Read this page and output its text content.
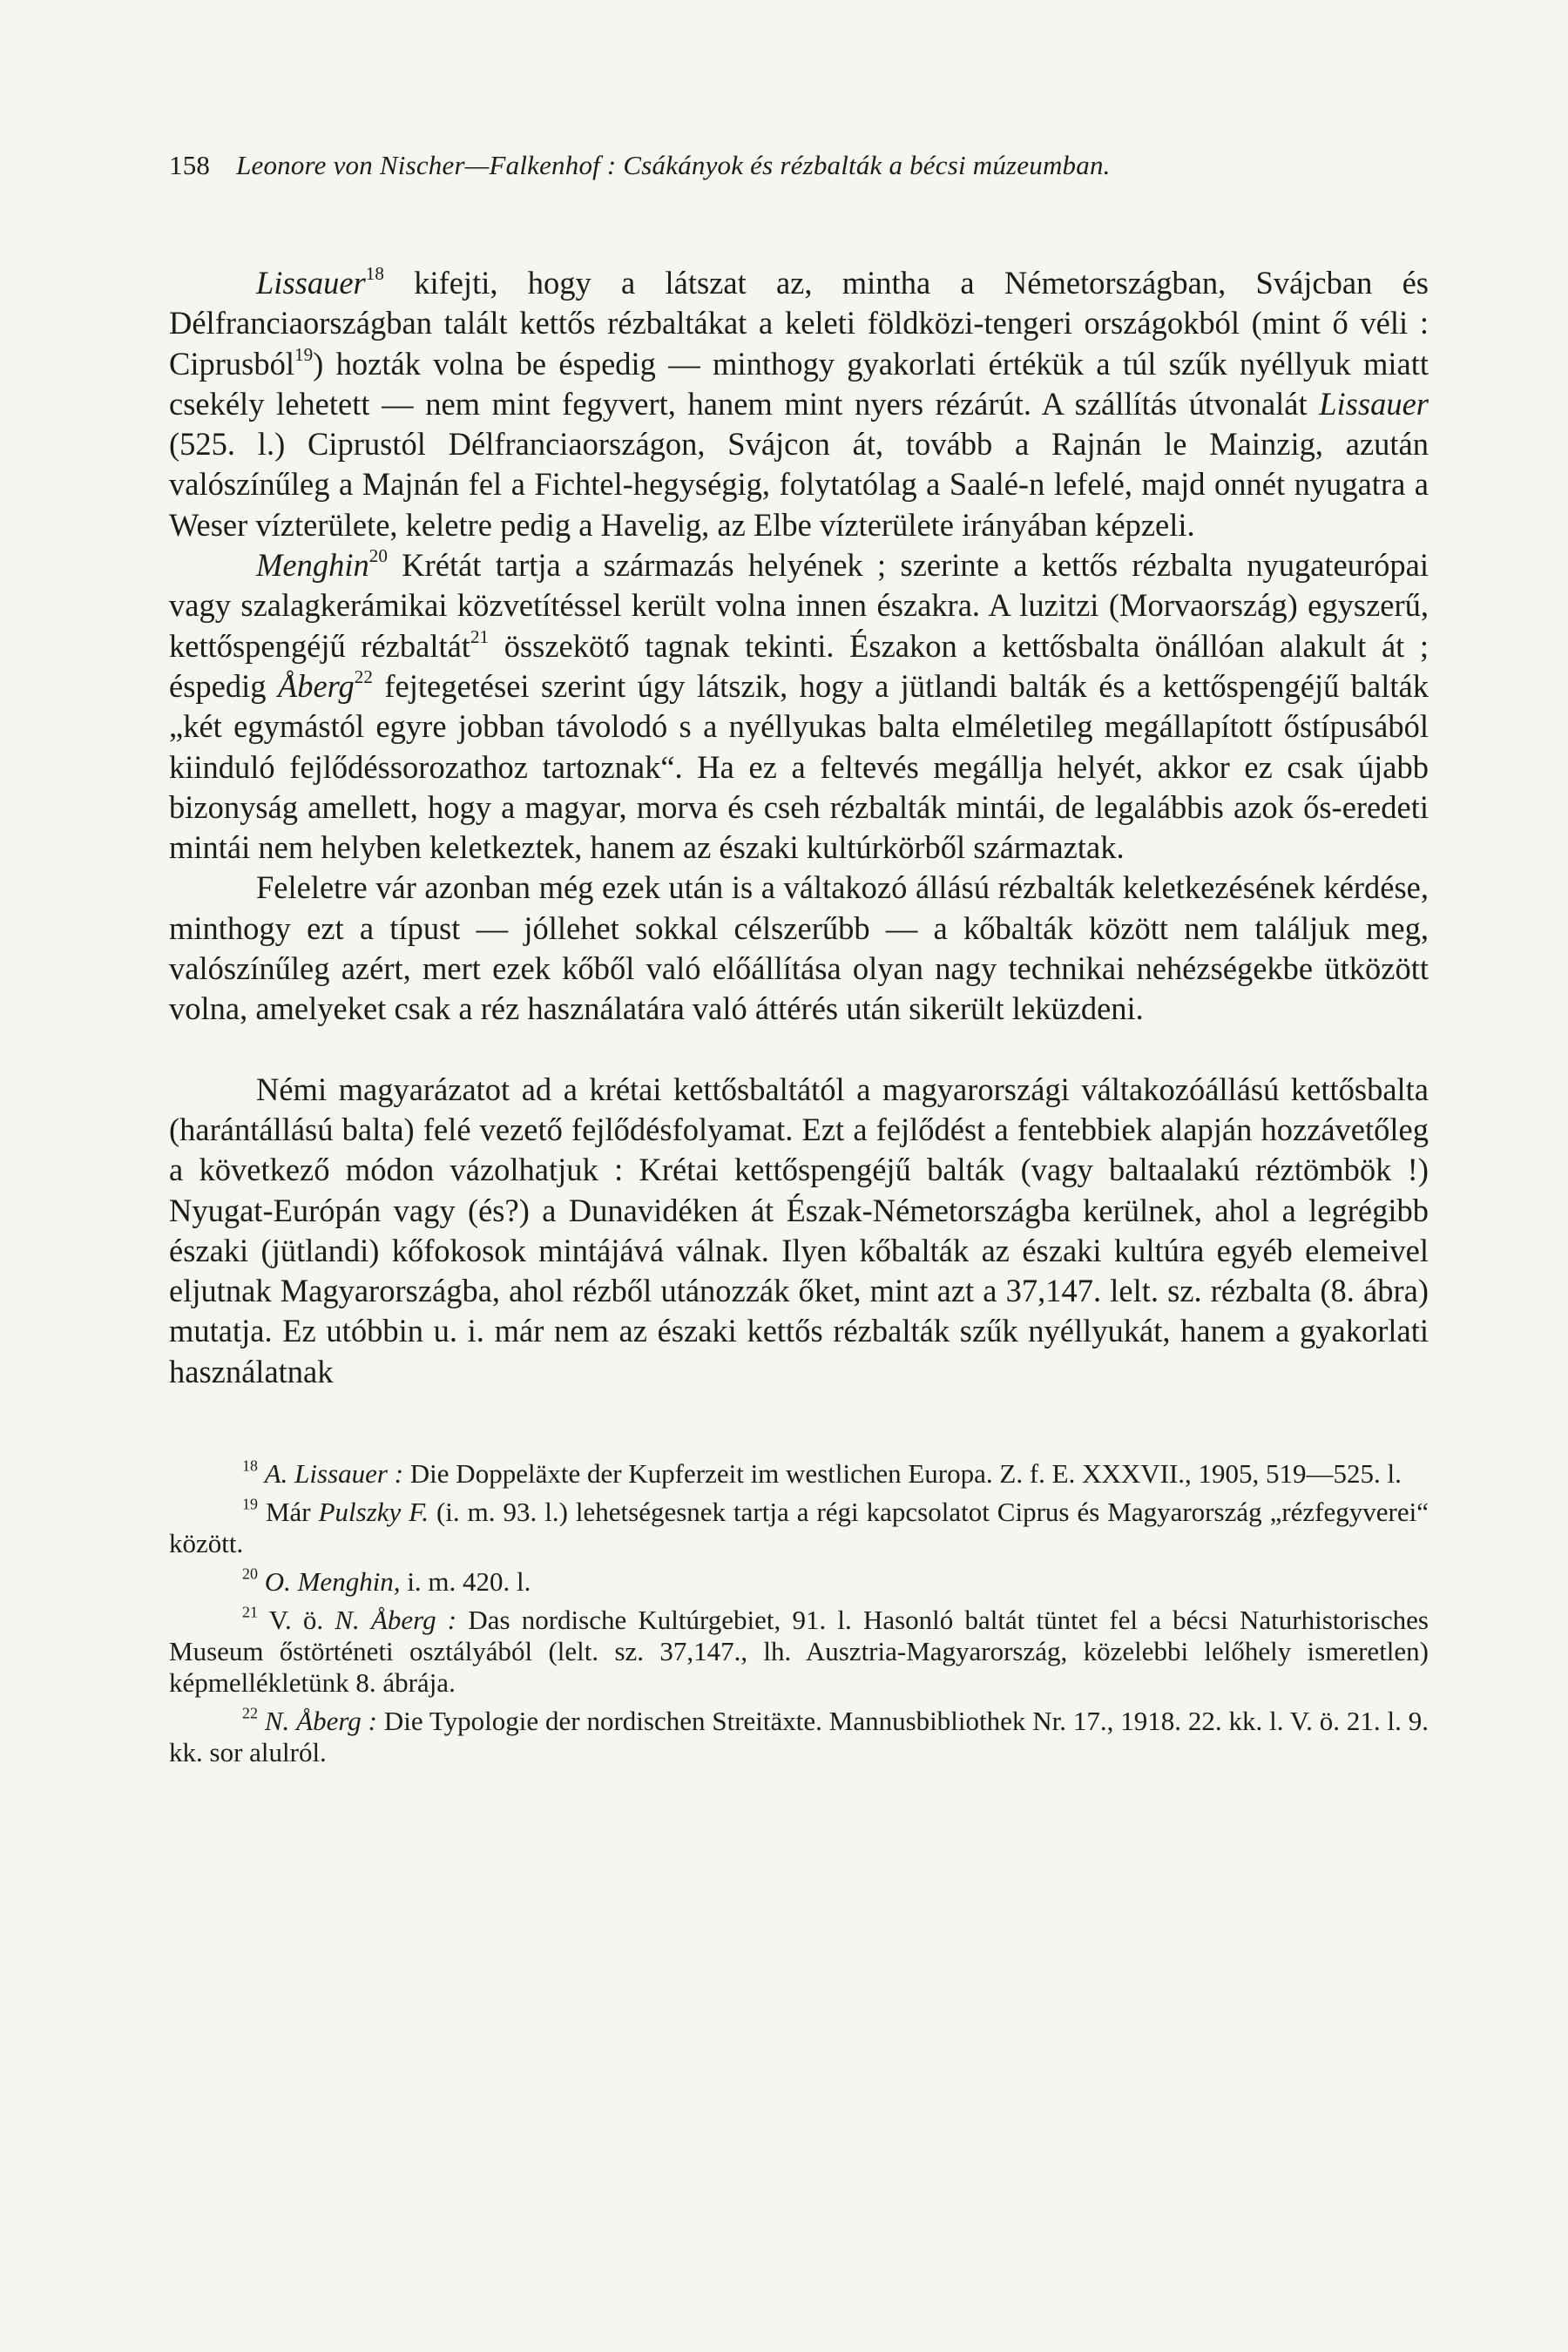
158 Leonore von Nischer—Falkenhof : Csákányok és rézbalták a bécsi múzeumban.

Lissauer$^{18}$ kifejti, hogy a látszat az, mintha a Németországban, Svájcban és Délfranciaországban talált kettős rézbaltákat a keleti földközi-tengeri országokból (mint ő véli : Ciprusból$^{19}$) hozták volna be éspedig — minthogy gyakorlati értékük a túl szűk nyéllyuk miatt csekély lehetett — nem mint fegyvert, hanem mint nyers rézárút. A szállítás útvonalát Lissauer (525. l.) Ciprustól Délfranciaországon, Svájcon át, tovább a Rajnán le Mainzig, azután valószínűleg a Majnán fel a Fichtel-hegységig, folytatólag a Saalé-n lefelé, majd onnét nyugatra a Weser vízterülete, keletre pedig a Havelig, az Elbe vízterülete irányában képzeli.

Menghin$^{20}$ Krétát tartja a származás helyének ; szerinte a kettős rézbalta nyugateurópai vagy szalagkerámikai közvetítéssel került volna innen északra. A luzitzi (Morvaország) egyszerű, kettőspengéjű rézbaltát$^{21}$ összekötő tagnak tekinti. Északon a kettősbalta önállóan alakult át ; éspedig Åberg$^{22}$ fejtegetései szerint úgy látszik, hogy a jütlandi balták és a kettőspengéjű balták „két egymástól egyre jobban távolodó s a nyéllyukas balta elméletileg megállapított őstípusából kiinduló fejlődéssorozathoz tartoznak“. Ha ez a feltevés megállja helyét, akkor ez csak újabb bizonyság amellett, hogy a magyar, morva és cseh rézbalták mintái, de legalábbis azok ős-eredeti mintái nem helyben keletkeztek, hanem az északi kultúrkörből származtak.

Feleletre vár azonban még ezek után is a váltakozó állású rézbalták keletkezésének kérdése, minthogy ezt a típust — jóllehet sokkal célszerűbb — a kőbalták között nem találjuk meg, valószínűleg azért, mert ezek kőből való előállítása olyan nagy technikai nehézségekbe ütközött volna, amelyeket csak a réz használatára való áttérés után sikerült leküzdeni.

Némi magyarázatot ad a krétai kettősbaltától a magyarországi váltakozóállású kettősbalta (harántállású balta) felé vezető fejlődésfolyamat. Ezt a fejlődést a fentebbiek alapján hozzávetőleg a következő módon vázolhatjuk : Krétai kettőspengéjű balták (vagy baltaalakú réztömbök !) Nyugat-Európán vagy (és?) a Dunavidéken át Észak-Németországba kerülnek, ahol a legrégibb északi (jütlandi) kőfokosok mintájává válnak. Ilyen kőbalták az északi kultúra egyéb elemeivel eljutnak Magyarországba, ahol rézből utánozzák őket, mint azt a 37,147. lelt. sz. rézbalta (8. ábra) mutatja. Ez utóbbin u. i. már nem az északi kettős rézbalták szűk nyéllyukát, hanem a gyakorlati használatnak

$^{18}$ A. Lissauer : Die Doppeläxte der Kupferzeit im westlichen Europa. Z. f. E. XXXVII., 1905, 519—525. l.

$^{19}$ Már Pulszky F. (i. m. 93. l.) lehetségesnek tartja a régi kapcsolatot Ciprus és Magyarország „rézfegyverei“ között.

$^{20}$ O. Menghin, i. m. 420. l.

$^{21}$ V. ö. N. Åberg : Das nordische Kultúrgebiet, 91. l. Hasonló baltát tüntet fel a bécsi Naturhistorisches Museum őstörténeti osztályából (lelt. sz. 37,147., lh. Ausztria-Magyarország, közelebbi lelőhely ismeretlen) képmellékletünk 8. ábrája.

$^{22}$ N. Åberg : Die Typologie der nordischen Streitäxte. Mannusbibliothek Nr. 17., 1918. 22. kk. l. V. ö. 21. l. 9. kk. sor alulról.
